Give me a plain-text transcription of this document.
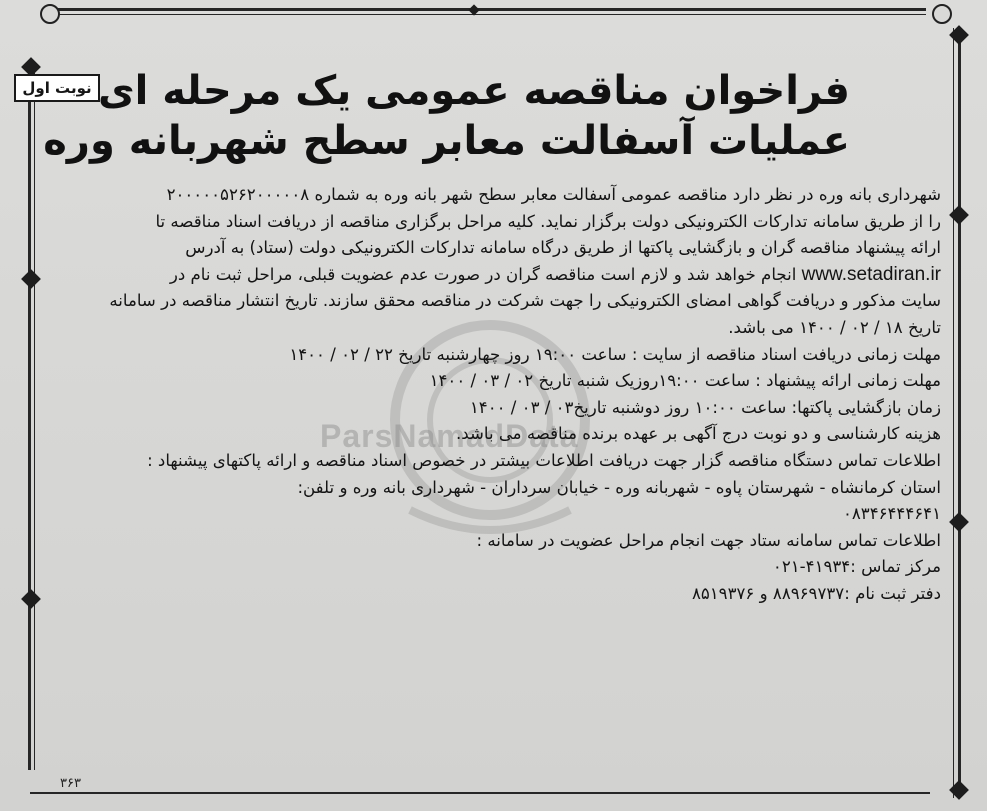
ParsNamadData
نوبت اول فراخوان مناقصه عمومی یک مرحله ای
عملیات آسفالت معابر سطح شهربانه وره
شهرداری بانه وره در نظر دارد مناقصه عمومی آسفالت معابر سطح شهر بانه وره به شماره ۲۰۰۰۰۰۵۲۶۲۰۰۰۰۰۸
را از طریق سامانه تدارکات الکترونیکی دولت برگزار نماید. کلیه مراحل برگزاری مناقصه از دریافت اسناد مناقصه تا
ارائه پیشنهاد مناقصه گران و بازگشایی پاکتها از طریق درگاه سامانه تدارکات الکترونیکی دولت (ستاد) به آدرس
www.setadiran.ir انجام خواهد شد و لازم است مناقصه گران در صورت عدم عضویت قبلی، مراحل ثبت نام در
سایت مذکور و دریافت گواهی امضای الکترونیکی را جهت شرکت در مناقصه محقق سازند. تاریخ انتشار مناقصه در سامانه
تاریخ ۱۸ / ۰۲ / ۱۴۰۰ می باشد.
مهلت زمانی دریافت اسناد مناقصه از سایت : ساعت ۱۹:۰۰ روز چهارشنبه تاریخ ۲۲ / ۰۲ / ۱۴۰۰
مهلت زمانی ارائه پیشنهاد : ساعت ۱۹:۰۰روزیک شنبه تاریخ ۰۲ / ۰۳ / ۱۴۰۰
زمان بازگشایی پاکتها: ساعت ۱۰:۰۰ روز دوشنبه تاریخ۰۳ / ۰۳ / ۱۴۰۰
هزینه کارشناسی و دو نوبت درج آگهی بر عهده برنده مناقصه می باشد.
اطلاعات تماس دستگاه مناقصه گزار جهت دریافت اطلاعات بیشتر در خصوص اسناد مناقصه و ارائه پاکتهای پیشنهاد :
استان کرمانشاه - شهرستان پاوه - شهربانه وره - خیابان سرداران - شهرداری بانه وره و تلفن:
۰۸۳۴۶۴۴۴۶۴۱
اطلاعات تماس سامانه ستاد جهت انجام مراحل عضویت در سامانه :
مرکز تماس :۴۱۹۳۴-۰۲۱
دفتر ثبت نام :۸۸۹۶۹۷۳۷ و ۸۵۱۹۳۷۶
۳۶۳
